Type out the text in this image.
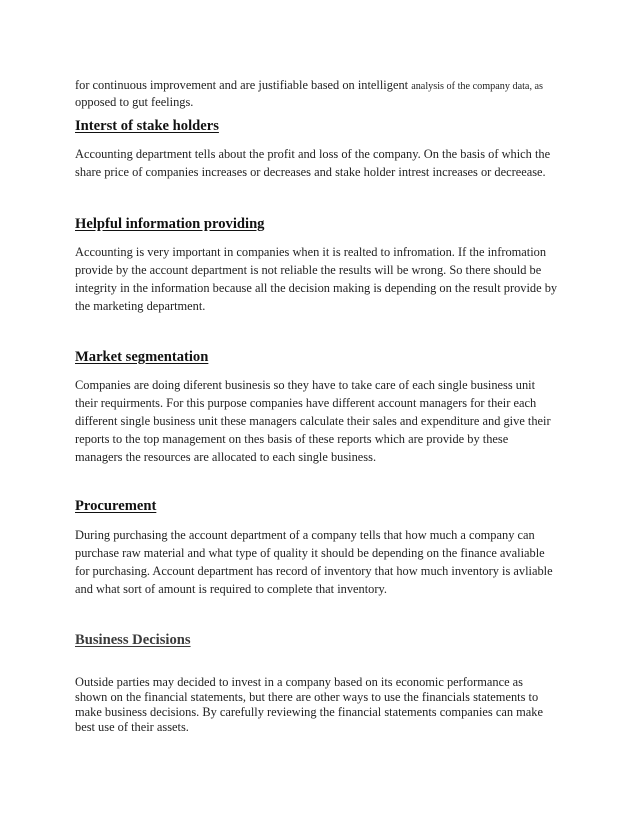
for continuous improvement and are justifiable based on intelligent analysis of the company data, as

opposed to gut feelings.

Interst of stake holders

Accounting department tells about the profit and loss of the company. On the basis of which the

share price of companies increases or decreases and stake holder intrest increases or decreease.

Helpful information providing

Accounting is very important in companies when it is realted to infromation. If the infromation

provide by the account department is not reliable the results will be wrong. So there should be

integrity in the information because all the decision making is depending on the result provide by

the marketing department.

Market segmentation

Companies are doing diferent businesis so they have to take care of each single business unit

their requirments. For this purpose companies have different account managers for their each

different single business unit these managers calculate their sales and expenditure and give their

reports to the top management on thes basis of these reports which are provide by these

managers the resources are allocated to each single business.

Procurement

During purchasing the account department of a company tells that how much a company can

purchase raw material and what type of quality it should be depending on the finance avaliable

for purchasing. Account department has record of inventory that how much inventory is avliable

and what sort of amount is required to complete that inventory.

Business Decisions

Outside parties may decided to invest in a company based on its economic performance as

shown on the financial statements, but there are other ways to use the financials statements to

make business decisions. By carefully reviewing the financial statements companies can make

best use of their assets.
